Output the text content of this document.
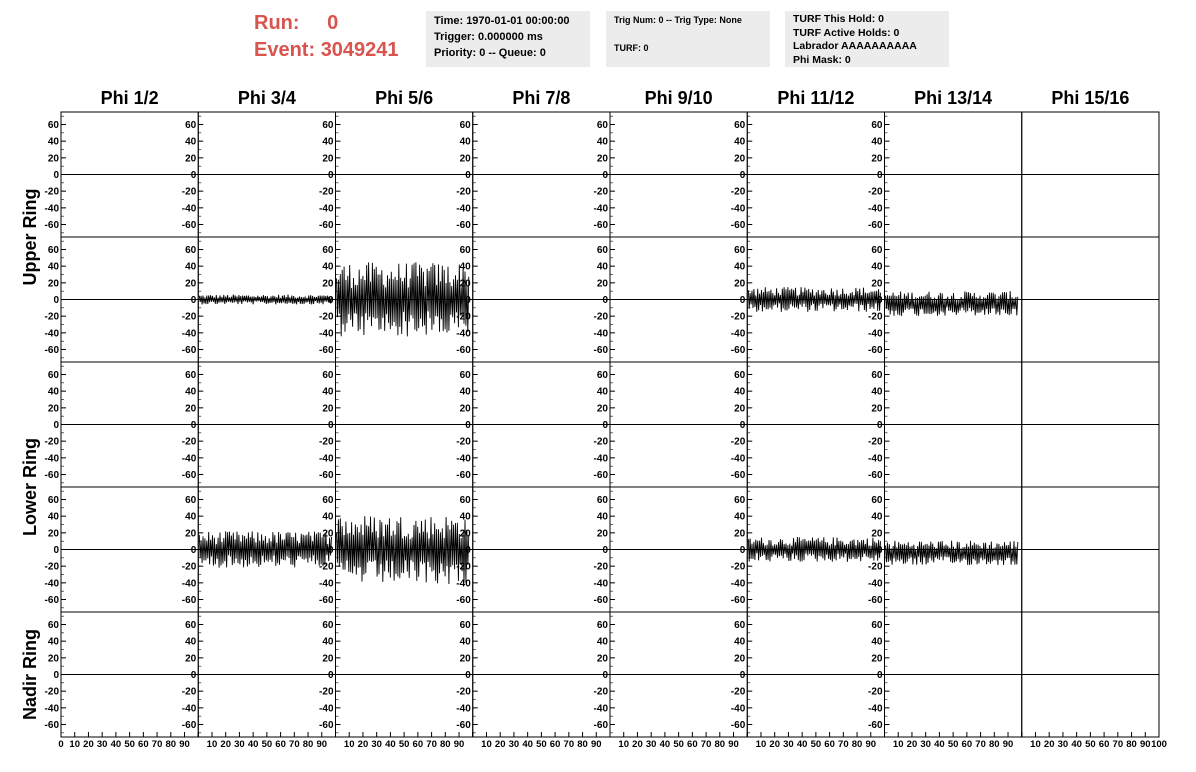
Run: 0
Event: 3049241
Time: 1970-01-01 00:00:00
Trigger: 0.000000 ms
Priority: 0 -- Queue: 0
Trig Num: 0 -- Trig Type: None
TURF: 0
TURF This Hold: 0
TURF Active Holds: 0
Labrador AAAAAAAAAA
Phi Mask: 0
Phi 1/2	Phi 3/4	Phi 5/6	Phi 7/8	Phi 9/10	Phi 11/12	Phi 13/14	Phi 15/16
Upper Ring
Lower Ring
Nadir Ring
60
40
20
0
-20
-40
-60
60
40
20
0
-20
-40
-60
60
40
20
0
-20
-40
-60
60
40
20
0
-20
-40
-60
60
40
20
0
-20
-40
-60
60
40
20
0
-20
-40
-60
60
40
20
0
-20
-40
-60
60
40
20
0
-20
-40
-60
60
40
20
0
-20
-40
-60
60
40
20
0
-20
-40
-60
60
40
20
0
-20
-40
-60
60
40
20
0
-20
-40
-60
60
40
20
0
-20
-40
-60
60
40
20
0
-20
-40
-60
60
40
20
0
-20
-40
-60
60
40
20
0
-20
-40
-60
60
40
20
0
-20
-40
-60
60
40
20
0
-20
-40
-60
60
40
20
0
-20
-40
-60
60
40
20
0
-20
-40
-60
60
40
20
0
-20
-40
-60
60
40
20
0
-20
-40
-60
60
40
20
0
-20
-40
-60
60
40
20
0
-20
-40
-60
60
40
20
0
-20
-40
-60
60
40
20
0
-20
-40
-60
60
40
20
0
-20
-40
-60
60
40
20
0
-20
-40
-60
60
40
20
0
-20
-40
-60
60
40
20
0
-20
-40
-60
60
40
20
0
-20
-40
-60
60
40
20
0
-20
-40
-60
60
40
20
0
-20
-40
-60
60
40
20
0
-20
-40
-60
60
40
20
0
-20
-40
-60
0 10 20 30 40 50 60 70 80 90 10 20 30 40 50 60 70 80 90 10 20 30 40 50 60 70 80 90 10 20 30 40 50 60 70 80 90 10 20 30 40 50 60 70 80 90 10 20 30 40 50 60 70 80 90 10 20 30 40 50 60 70 80 90 10 20 30 40 50 60 70 80 90 100
